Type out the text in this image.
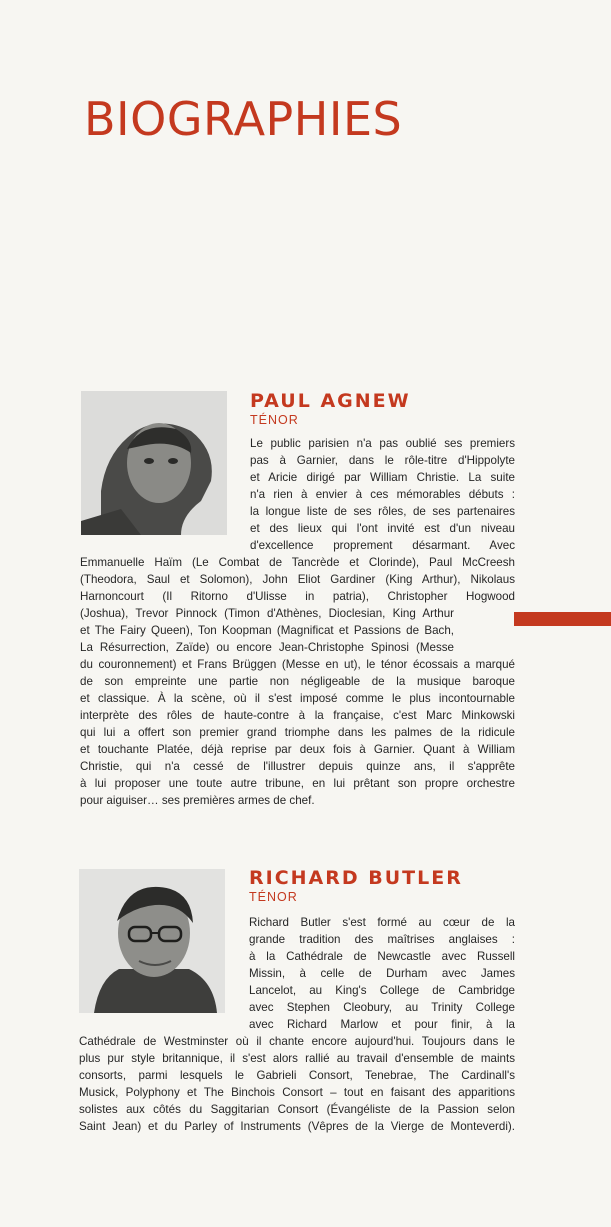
BIOGRAPHIES
PAUL AGNEW
TÉNOR

Le public parisien n'a pas oublié ses premiers

pas à Garnier, dans le rôle-titre d'Hippolyte

et Aricie dirigé par William Christie. La suite

n'a rien à envier à ces mémorables débuts :

la longue liste de ses rôles, de ses partenaires

et des lieux qui l'ont invité est d'un niveau

d'excellence proprement désarmant. Avec

Emmanuelle Haïm (Le Combat de Tancrède et Clorinde), Paul McCreesh

(Theodora, Saul et Solomon), John Eliot Gardiner (King Arthur), Nikolaus

Harnoncourt (Il Ritorno d'Ulisse in patria), Christopher Hogwood

(Joshua), Trevor Pinnock (Timon d'Athènes, Dioclesian, King Arthur

et The Fairy Queen), Ton Koopman (Magnificat et Passions de Bach,

La Résurrection, Zaïde) ou encore Jean-Christophe Spinosi (Messe

du couronnement) et Frans Brüggen (Messe en ut), le ténor écossais a marqué

de son empreinte une partie non négligeable de la musique baroque

et classique. À la scène, où il s'est imposé comme le plus incontournable

interprète des rôles de haute-contre à la française, c'est Marc Minkowski

qui lui a offert son premier grand triomphe dans les palmes de la ridicule

et touchante Platée, déjà reprise par deux fois à Garnier. Quant à William

Christie, qui n'a cessé de l'illustrer depuis quinze ans, il s'apprête

à lui proposer une toute autre tribune, en lui prêtant son propre orchestre

pour aiguiser… ses premières armes de chef.

RICHARD BUTLER
TÉNOR

Richard Butler s'est formé au cœur de la

grande tradition des maîtrises anglaises :

à la Cathédrale de Newcastle avec Russell

Missin, à celle de Durham avec James

Lancelot, au King's College de Cambridge

avec Stephen Cleobury, au Trinity College

avec Richard Marlow et pour finir, à la

Cathédrale de Westminster où il chante encore aujourd'hui. Toujours dans le

plus pur style britannique, il s'est alors rallié au travail d'ensemble de maints

consorts, parmi lesquels le Gabrieli Consort, Tenebrae, The Cardinall's

Musick, Polyphony et The Binchois Consort – tout en faisant des apparitions

solistes aux côtés du Saggitarian Consort (Évangéliste de la Passion selon

Saint Jean) et du Parley of Instruments (Vêpres de la Vierge de Monteverdi).
